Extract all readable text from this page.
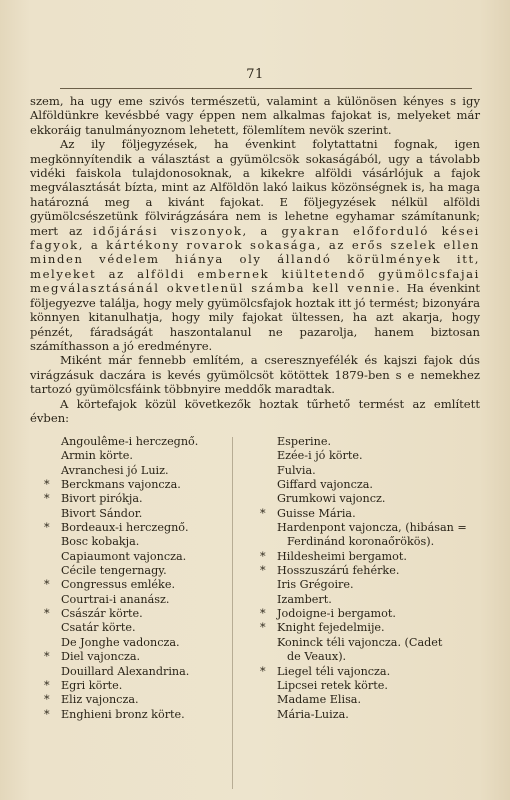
71

szem, ha ugy eme szivós természetü, valamint a különösen kényes s igy Alföldünkre kevésbbé vagy éppen nem alkalmas fajokat is, melyeket már ekkoráig tanulmányoznom lehetett, fölemlítem nevök szerint.

Az ily följegyzések, ha évenkint folytattatni fognak, igen megkönnyítendik a választást a gyümölcsök sokaságából, ugy a távolabb vidéki faiskola tulajdonosoknak, a kikekre alföldi vásárlójuk a fajok megválasztását bízta, mint az Alföldön lakó laikus közönségnek is, ha maga határozná meg a kivánt fajokat. E följegyzések nélkül alföldi gyümölcsészetünk fölvirágzására nem is lehetne egyhamar számítanunk; mert az időjárási viszonyok, a gyakran előforduló kései fagyok, a kártékony rovarok sokasága, az erős szelek ellen minden védelem hiánya oly állandó körülmények itt, melyeket az alföldi embernek kiültetendő gyümölcsfajai megválasztásánál okvetlenül számba kell vennie. Ha évenkint följegyezve találja, hogy mely gyümölcsfajok hoztak itt jó termést; bizonyára könnyen kitanulhatja, hogy mily fajokat ültessen, ha azt akarja, hogy pénzét, fáradságát haszontalanul ne pazarolja, hanem biztosan számíthasson a jó eredményre.

Miként már fennebb említém, a cseresznyefélék és kajszi fajok dús virágzásuk daczára is kevés gyümölcsöt kötöttek 1879-ben s e nemekhez tartozó gyümölcsfáink többnyire meddők maradtak.

A körtefajok közül következők hoztak tűrhető termést az említett évben:

Angoulême-i herczegnő.
Armin körte.
Avranchesi jó Luiz.
* Berckmans vajoncza.
* Bivort pirókja.
Bivort Sándor.
* Bordeaux-i herczegnő.
Bosc kobakja.
Capiaumont vajoncza.
Cécile tengernagy.
* Congressus emléke.
Courtrai-i ananász.
* Császár körte.
Csatár körte.
De Jonghe vadoncza.
* Diel vajoncza.
Douillard Alexandrina.
* Egri körte.
* Eliz vajoncza.
* Enghieni bronz körte.
Esperine.
Ezée-i jó körte.
Fulvia.
Giffard vajoncza.
Grumkowi vajoncz.
* Guisse Mária.
Hardenpont vajoncza, (hibásan =
Ferdinánd koronaőrökös).
* Hildesheimi bergamot.
* Hosszuszárú fehérke.
Iris Grégoire.
Izambert.
* Jodoigne-i bergamot.
* Knight fejedelmije.
Koninck téli vajoncza. (Cadet
de Veaux).
* Liegel téli vajoncza.
Lipcsei retek körte.
Madame Elisa.
Mária-Luiza.
